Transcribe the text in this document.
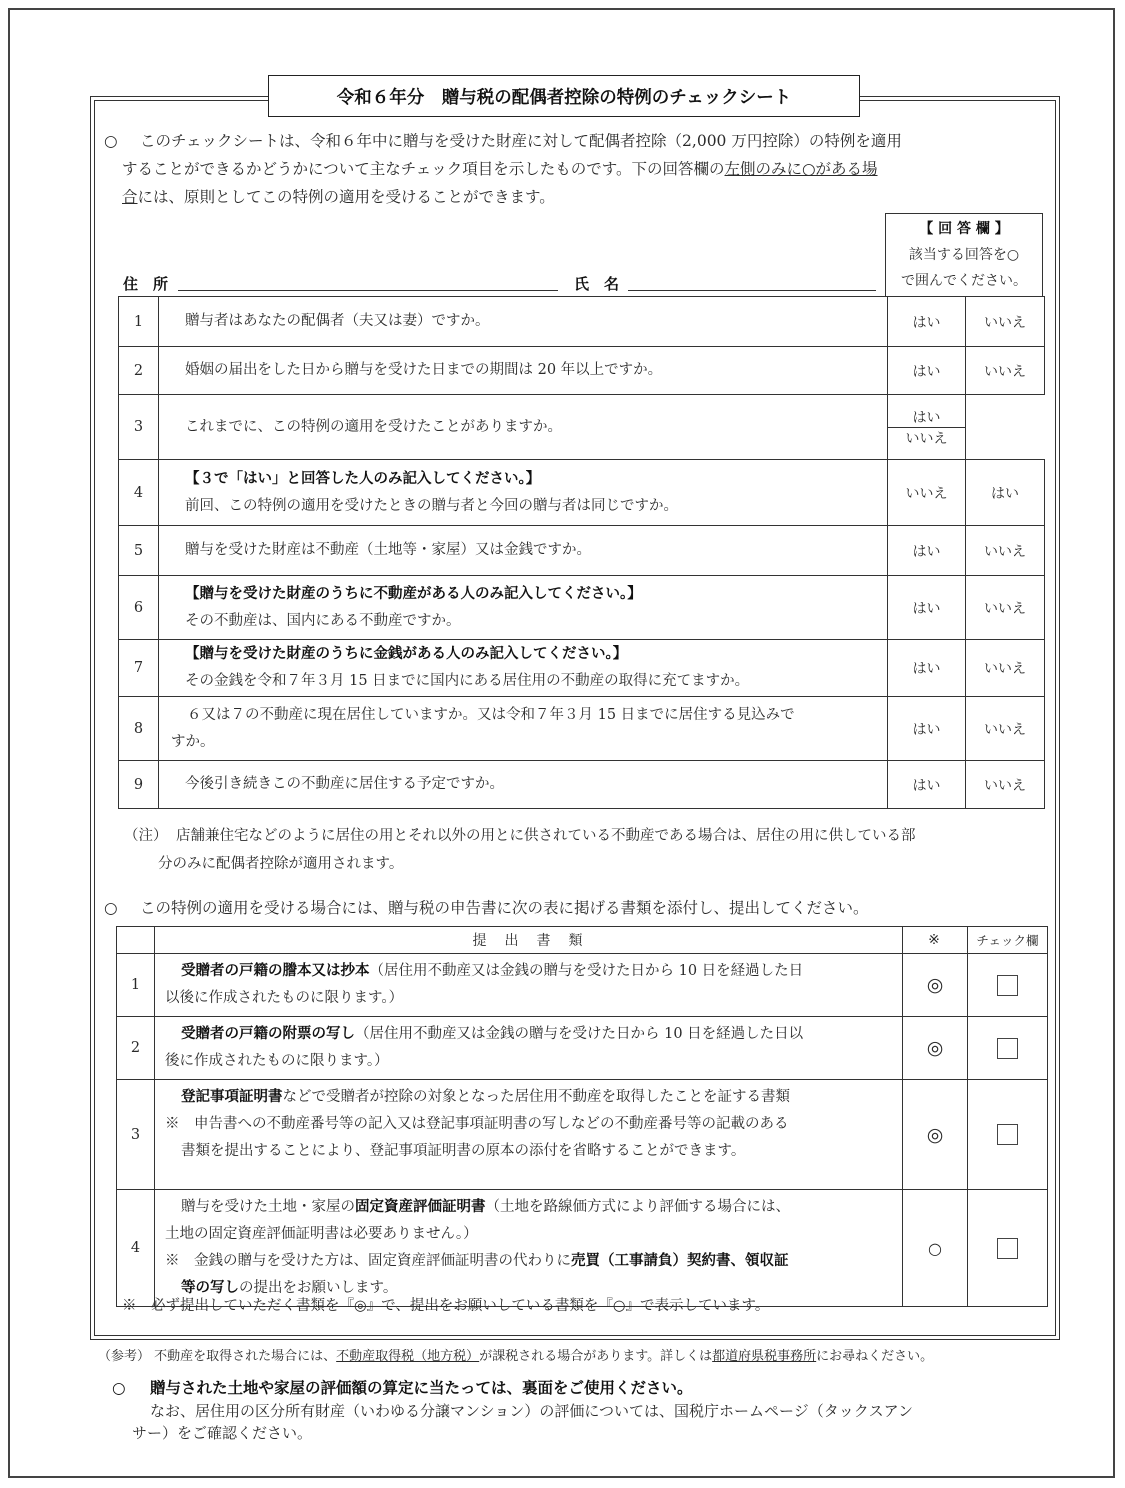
令和６年分　贈与税の配偶者控除の特例のチェックシート
○ このチェックシートは、令和６年中に贈与を受けた財産に対して配偶者控除（2,000 万円控除）の特例を適用
することができるかどうかについて主なチェック項目を示したものです。下の回答欄の左側のみに○がある場
合には、原則としてこの特例の適用を受けることができます。
【 回 答 欄 】
該当する回答を○
で囲んでください。
住　所	氏　名
1	贈与者はあなたの配偶者（夫又は妻）ですか。	はい	いいえ
2	婚姻の届出をした日から贈与を受けた日までの期間は 20 年以上ですか。	はい	いいえ
3	これまでに、この特例の適用を受けたことがありますか。	はい
いいえ	

4	【３で「はい」と回答した人のみ記入してください。】
前回、この特例の適用を受けたときの贈与者と今回の贈与者は同じですか。	いいえ	はい
5	贈与を受けた財産は不動産（土地等・家屋）又は金銭ですか。	はい	いいえ
6	【贈与を受けた財産のうちに不動産がある人のみ記入してください。】
その不動産は、国内にある不動産ですか。	はい	いいえ
7	【贈与を受けた財産のうちに金銭がある人のみ記入してください。】
その金銭を令和７年３月 15 日までに国内にある居住用の不動産の取得に充てますか。	はい	いいえ
8	６又は７の不動産に現在居住していますか。又は令和７年３月 15 日までに居住する見込みで
すか。	はい	いいえ
9	今後引き続きこの不動産に居住する予定ですか。	はい	いいえ
（注） 店舗兼住宅などのように居住の用とそれ以外の用とに供されている不動産である場合は、居住の用に供している部
分のみに配偶者控除が適用されます。
○ この特例の適用を受ける場合には、贈与税の申告書に次の表に掲げる書類を添付し、提出してください。
	提　出　書　類	※	チェック欄
1	受贈者の戸籍の謄本又は抄本（居住用不動産又は金銭の贈与を受けた日から 10 日を経過した日
以後に作成されたものに限ります。）	◎	
2	受贈者の戸籍の附票の写し（居住用不動産又は金銭の贈与を受けた日から 10 日を経過した日以
後に作成されたものに限ります。）	◎	
3	登記事項証明書などで受贈者が控除の対象となった居住用不動産を取得したことを証する書類
※　申告書への不動産番号等の記入又は登記事項証明書の写しなどの不動産番号等の記載のある
書類を提出することにより、登記事項証明書の原本の添付を省略することができます。	◎	
4	贈与を受けた土地・家屋の固定資産評価証明書（土地を路線価方式により評価する場合には、
土地の固定資産評価証明書は必要ありません。）
※　金銭の贈与を受けた方は、固定資産評価証明書の代わりに売買（工事請負）契約書、領収証
等の写しの提出をお願いします。	○	
※　必ず提出していただく書類を『◎』で、提出をお願いしている書類を『○』で表示しています。
（参考） 不動産を取得された場合には、不動産取得税（地方税）が課税される場合があります。詳しくは都道府県税事務所にお尋ねください。
○ 贈与された土地や家屋の評価額の算定に当たっては、裏面をご使用ください。
なお、居住用の区分所有財産（いわゆる分譲マンション）の評価については、国税庁ホームページ（タックスアン
サー）をご確認ください。
